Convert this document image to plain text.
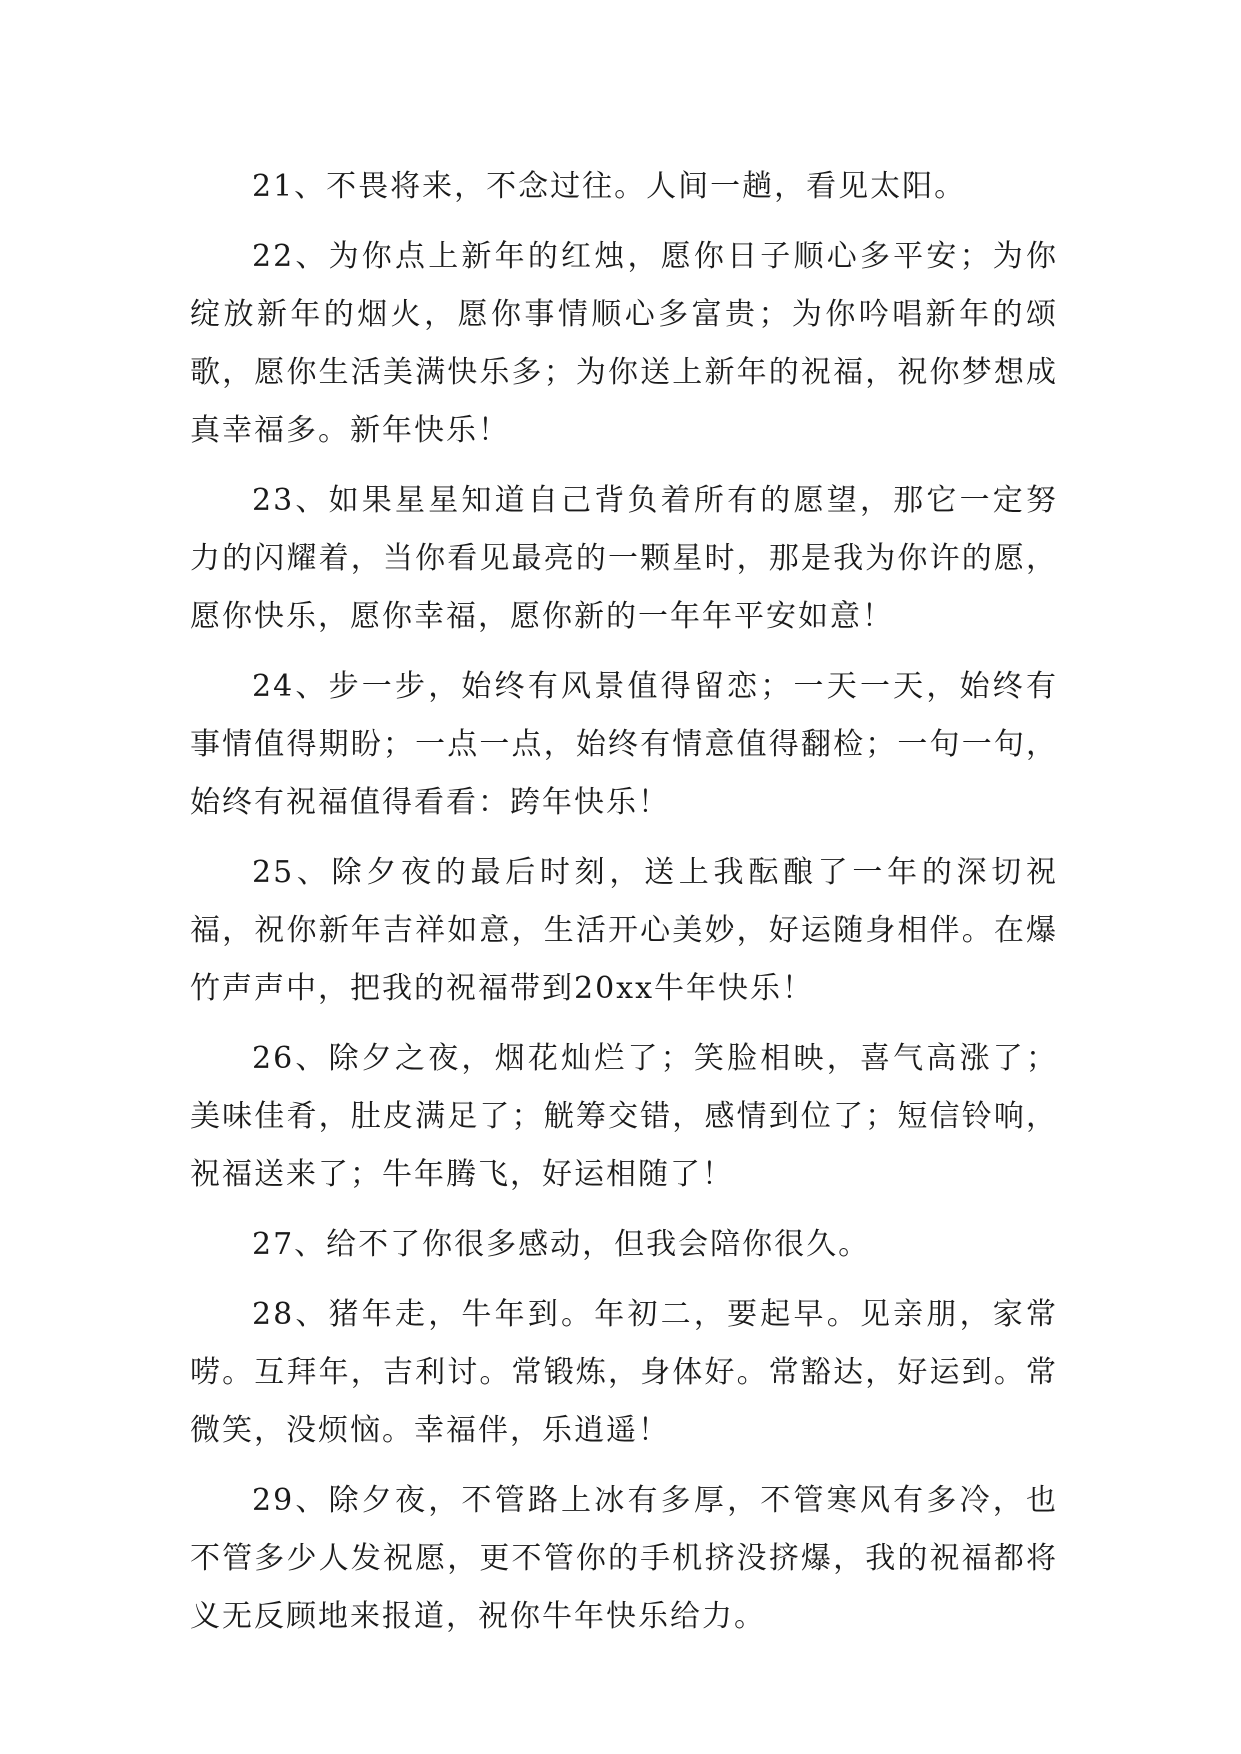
21、不畏将来，不念过往。人间一趟，看见太阳。

22、为你点上新年的红烛，愿你日子顺心多平安；为你绽放新年的烟火，愿你事情顺心多富贵；为你吟唱新年的颂歌，愿你生活美满快乐多；为你送上新年的祝福，祝你梦想成真幸福多。新年快乐！

23、如果星星知道自己背负着所有的愿望，那它一定努力的闪耀着，当你看见最亮的一颗星时，那是我为你许的愿，愿你快乐，愿你幸福，愿你新的一年年平安如意！

24、步一步，始终有风景值得留恋；一天一天，始终有事情值得期盼；一点一点，始终有情意值得翻检；一句一句，始终有祝福值得看看：跨年快乐！

25、除夕夜的最后时刻，送上我酝酿了一年的深切祝福，祝你新年吉祥如意，生活开心美妙，好运随身相伴。在爆竹声声中，把我的祝福带到20xx牛年快乐！

26、除夕之夜，烟花灿烂了；笑脸相映，喜气高涨了；美味佳肴，肚皮满足了；觥筹交错，感情到位了；短信铃响，祝福送来了；牛年腾飞，好运相随了！

27、给不了你很多感动，但我会陪你很久。

28、猪年走，牛年到。年初二，要起早。见亲朋，家常唠。互拜年，吉利讨。常锻炼，身体好。常豁达，好运到。常微笑，没烦恼。幸福伴，乐逍遥！

29、除夕夜，不管路上冰有多厚，不管寒风有多冷，也不管多少人发祝愿，更不管你的手机挤没挤爆，我的祝福都将义无反顾地来报道，祝你牛年快乐给力。
